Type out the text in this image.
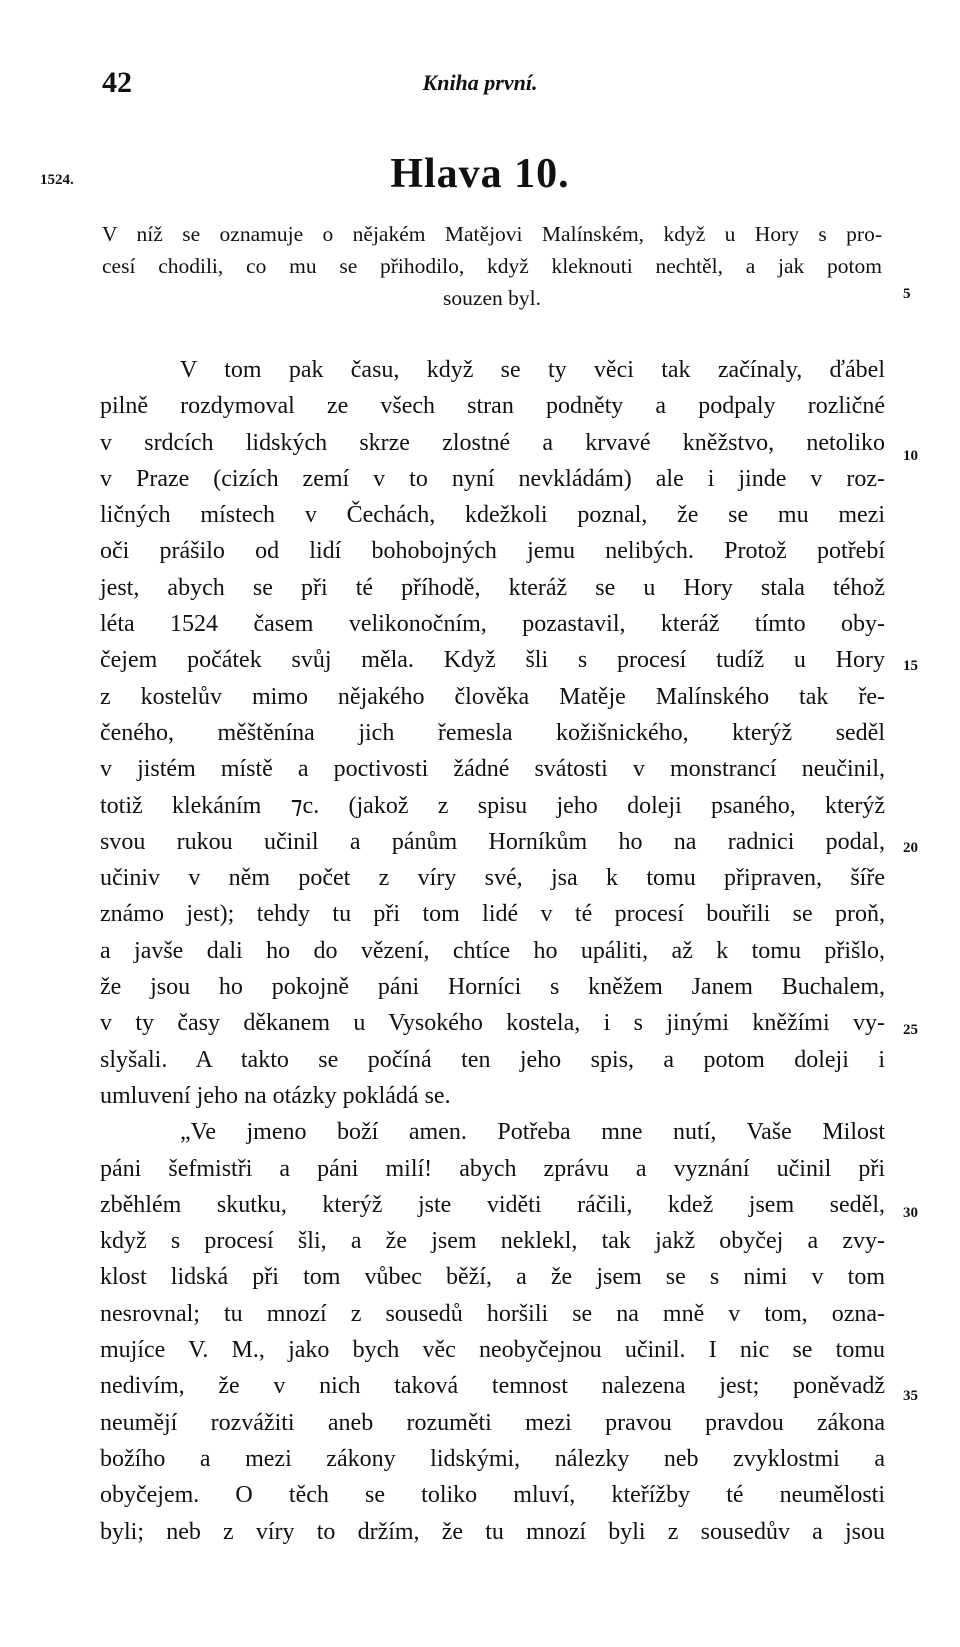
42	Kniha první.
1524.	Hlava 10.
V níž se oznamuje o nějakém Matějovi Malínském, když u Hory s pro-
cesí chodili, co mu se přihodilo, když kleknouti nechtěl, a jak potom
souzen byl.	5
10
15
20
25
30
35
V tom pak času, když se ty věci tak začínaly, ďábel
pilně rozdymoval ze všech stran podněty a podpaly rozličné
v srdcích lidských skrze zlostné a krvavé kněžstvo, netoliko
v Praze (cizích zemí v to nyní nevkládám) ale i jinde v roz-
ličných místech v Čechách, kdežkoli poznal, že se mu mezi
oči prášilo od lidí bohobojných jemu nelibých. Protož potřebí
jest, abych se při té příhodě, kteráž se u Hory stala téhož
léta 1524 časem velikonočním, pozastavil, kteráž tímto oby-
čejem počátek svůj měla. Když šli s procesí tudíž u Hory
z kostelův mimo nějakého člověka Matěje Malínského tak ře-
čeného, měštěnína jich řemesla kožišnického, kterýž seděl
v jistém místě a poctivosti žádné svátosti v monstrancí neučinil,
totiž klekáním ⁊c. (jakož z spisu jeho doleji psaného, kterýž
svou rukou učinil a pánům Horníkům ho na radnici podal,
učiniv v něm počet z víry své, jsa k tomu připraven, šíře
známo jest); tehdy tu při tom lidé v té procesí bouřili se proň,
a javše dali ho do vězení, chtíce ho upáliti, až k tomu přišlo,
že jsou ho pokojně páni Horníci s kněžem Janem Buchalem,
v ty časy děkanem u Vysokého kostela, i s jinými kněžími vy-
slyšali. A takto se počíná ten jeho spis, a potom doleji i
umluvení jeho na otázky pokládá se.
„Ve jmeno boží amen. Potřeba mne nutí, Vaše Milost
páni šefmistři a páni milí! abych zprávu a vyznání učinil při
zběhlém skutku, kterýž jste viděti ráčili, kdež jsem seděl,
když s procesí šli, a že jsem neklekl, tak jakž obyčej a zvy-
klost lidská při tom vůbec běží, a že jsem se s nimi v tom
nesrovnal; tu mnozí z sousedů horšili se na mně v tom, ozna-
mujíce V. M., jako bych věc neobyčejnou učinil. I nic se tomu
nedivím, že v nich taková temnost nalezena jest; poněvadž
neumějí rozvážiti aneb rozuměti mezi pravou pravdou zákona
božího a mezi zákony lidskými, nálezky neb zvyklostmi a
obyčejem. O těch se toliko mluví, kteřížby té neumělosti
byli; neb z víry to držím, že tu mnozí byli z sousedův a jsou
